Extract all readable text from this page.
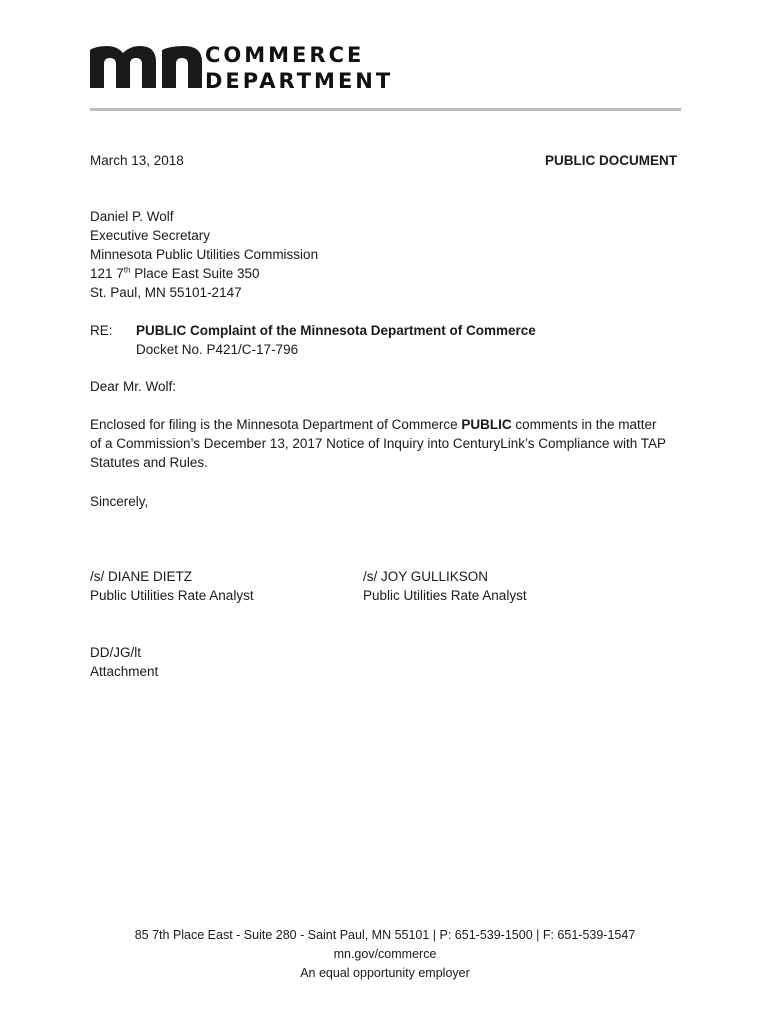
COMMERCE
DEPARTMENT
March 13, 2018	PUBLIC DOCUMENT
Daniel P. Wolf
Executive Secretary
Minnesota Public Utilities Commission
121 7th Place East Suite 350
St. Paul, MN 55101-2147
RE: PUBLIC Complaint of the Minnesota Department of Commerce
Docket No. P421/C-17-796
Dear Mr. Wolf:
Enclosed for filing is the Minnesota Department of Commerce PUBLIC comments in the matter
of a Commission’s December 13, 2017 Notice of Inquiry into CenturyLink’s Compliance with TAP
Statutes and Rules.
Sincerely,
/s/ DIANE DIETZ
Public Utilities Rate Analyst
/s/ JOY GULLIKSON
Public Utilities Rate Analyst
DD/JG/lt
Attachment
85 7th Place East - Suite 280 - Saint Paul, MN 55101 | P: 651-539-1500 | F: 651-539-1547
mn.gov/commerce
An equal opportunity employer
